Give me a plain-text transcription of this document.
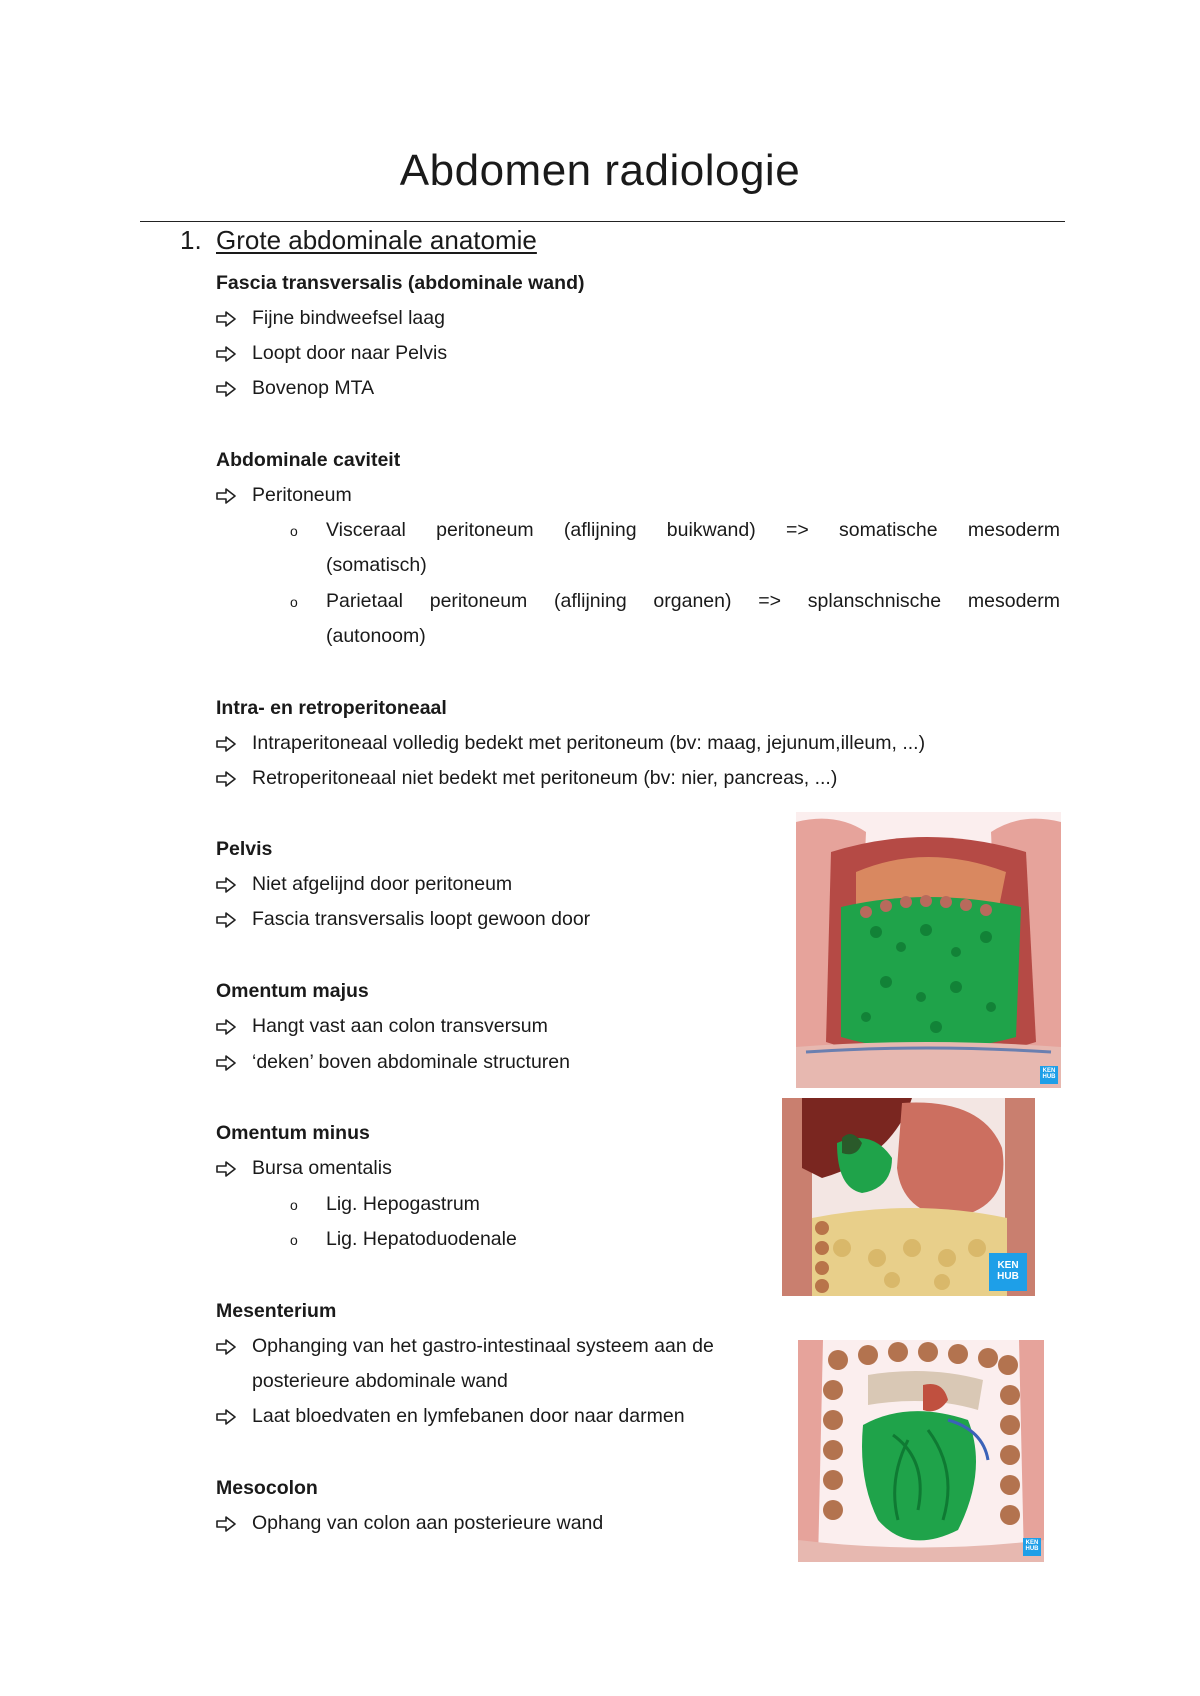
Abdomen radiologie
1. Grote abdominale anatomie
Fascia transversalis (abdominale wand)
Fijne bindweefsel laag
Loopt door naar Pelvis
Bovenop MTA
Abdominale caviteit
Peritoneum
o Visceraal peritoneum (aflijning buikwand) => somatische mesoderm
(somatisch)
o Parietaal peritoneum (aflijning organen) => splanschnische mesoderm
(autonoom)
Intra- en retroperitoneaal
Intraperitoneaal volledig bedekt met peritoneum (bv: maag, jejunum,illeum, ...)
Retroperitoneaal niet bedekt met peritoneum (bv: nier, pancreas, ...)
Pelvis
Niet afgelijnd door peritoneum
Fascia transversalis loopt gewoon door
Omentum majus
Hangt vast aan colon transversum
‘deken’ boven abdominale structuren
Omentum minus
Bursa omentalis
o Lig. Hepogastrum
o Lig. Hepatoduodenale
Mesenterium
Ophanging van het gastro-intestinaal systeem aan de
posterieure abdominale wand
Laat bloedvaten en lymfebanen door naar darmen
Mesocolon
Ophang van colon aan posterieure wand
KEN
HUB
KEN
HUB
KEN
HUB
